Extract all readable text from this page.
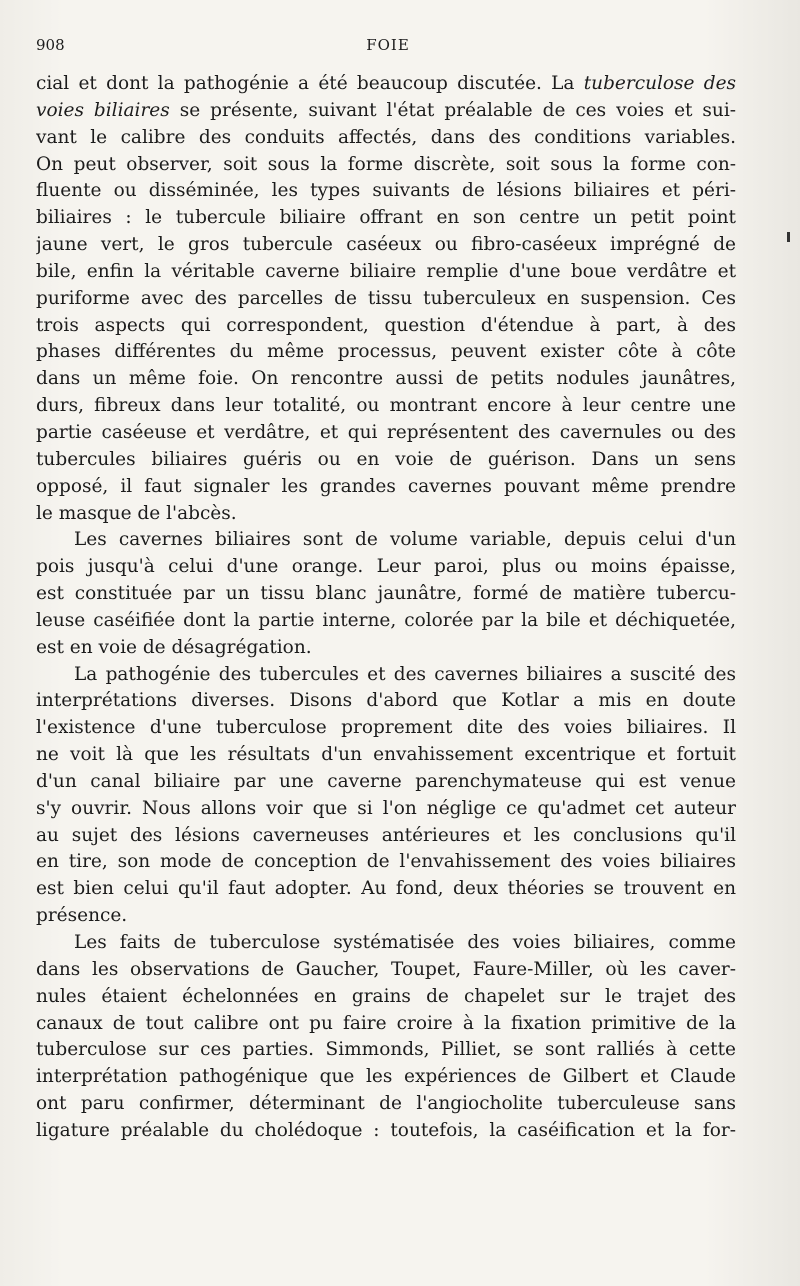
908	FOIE
cial et dont la pathogénie a été beaucoup discutée. La tuberculose des
voies biliaires se présente, suivant l'état préalable de ces voies et sui-
vant le calibre des conduits affectés, dans des conditions variables.
On peut observer, soit sous la forme discrète, soit sous la forme con-
fluente ou disséminée, les types suivants de lésions biliaires et péri-
biliaires : le tubercule biliaire offrant en son centre un petit point
jaune vert, le gros tubercule caséeux ou fibro-caséeux imprégné de
bile, enfin la véritable caverne biliaire remplie d'une boue verdâtre et
puriforme avec des parcelles de tissu tuberculeux en suspension. Ces
trois aspects qui correspondent, question d'étendue à part, à des
phases différentes du même processus, peuvent exister côte à côte
dans un même foie. On rencontre aussi de petits nodules jaunâtres,
durs, fibreux dans leur totalité, ou montrant encore à leur centre une
partie caséeuse et verdâtre, et qui représentent des cavernules ou des
tubercules biliaires guéris ou en voie de guérison. Dans un sens
opposé, il faut signaler les grandes cavernes pouvant même prendre
le masque de l'abcès.
Les cavernes biliaires sont de volume variable, depuis celui d'un
pois jusqu'à celui d'une orange. Leur paroi, plus ou moins épaisse,
est constituée par un tissu blanc jaunâtre, formé de matière tubercu-
leuse caséifiée dont la partie interne, colorée par la bile et déchiquetée,
est en voie de désagrégation.
La pathogénie des tubercules et des cavernes biliaires a suscité des
interprétations diverses. Disons d'abord que Kotlar a mis en doute
l'existence d'une tuberculose proprement dite des voies biliaires. Il
ne voit là que les résultats d'un envahissement excentrique et fortuit
d'un canal biliaire par une caverne parenchymateuse qui est venue
s'y ouvrir. Nous allons voir que si l'on néglige ce qu'admet cet auteur
au sujet des lésions caverneuses antérieures et les conclusions qu'il
en tire, son mode de conception de l'envahissement des voies biliaires
est bien celui qu'il faut adopter. Au fond, deux théories se trouvent en
présence.
Les faits de tuberculose systématisée des voies biliaires, comme
dans les observations de Gaucher, Toupet, Faure-Miller, où les caver-
nules étaient échelonnées en grains de chapelet sur le trajet des
canaux de tout calibre ont pu faire croire à la fixation primitive de la
tuberculose sur ces parties. Simmonds, Pilliet, se sont ralliés à cette
interprétation pathogénique que les expériences de Gilbert et Claude
ont paru confirmer, déterminant de l'angiocholite tuberculeuse sans
ligature préalable du cholédoque : toutefois, la caséification et la for-
